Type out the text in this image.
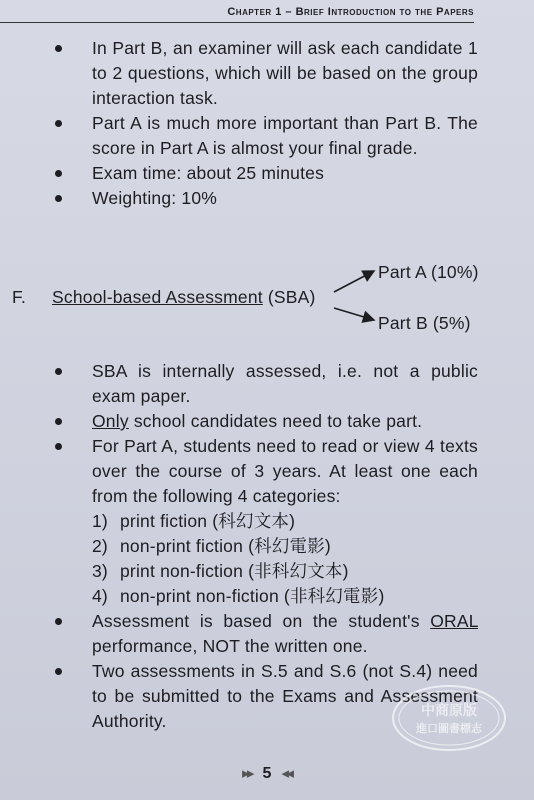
Chapter 1 – Brief Introduction to the Papers
In Part B, an examiner will ask each candidate 1 to 2 questions, which will be based on the group interaction task.
Part A is much more important than Part B. The score in Part A is almost your final grade.
Exam time: about 25 minutes
Weighting: 10%
F.	School-based Assessment (SBA)
Part A (10%)
Part B (5%)
SBA is internally assessed, i.e. not a public exam paper.
Only school candidates need to take part.
For Part A, students need to read or view 4 texts over the course of 3 years. At least one each from the following 4 categories:
1) print fiction (科幻文本)
2) non-print fiction (科幻電影)
3) print non-fiction (非科幻文本)
4) non-print non-fiction (非科幻電影)
Assessment is based on the student's ORAL performance, NOT the written one.
Two assessments in S.5 and S.6 (not S.4) need to be submitted to the Exams and Assessment Authority.
▶▶ 5 ◀◀
中商原版
進口圖書標志
